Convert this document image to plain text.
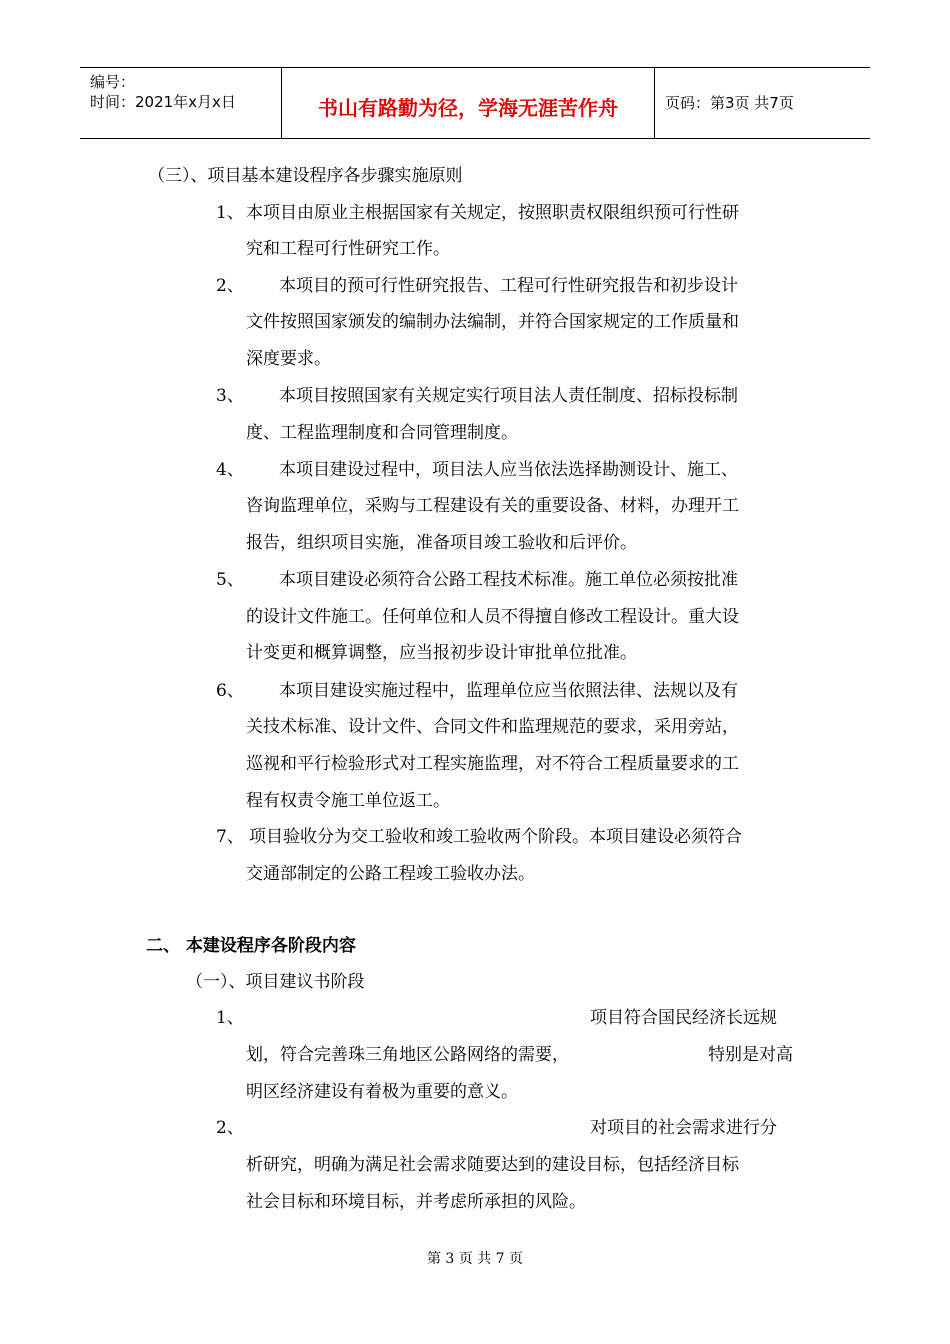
编号：
时间：2021年x月x日	书山有路勤为径，学海无涯苦作舟	页码：第3页 共7页
（三）、项目基本建设程序各步骤实施原则
1、 本项目由原业主根据国家有关规定，按照职责权限组织预可行性研
究和工程可行性研究工作。
2、 本项目的预可行性研究报告、工程可行性研究报告和初步设计
文件按照国家颁发的编制办法编制，并符合国家规定的工作质量和
深度要求。
3、 本项目按照国家有关规定实行项目法人责任制度、招标投标制
度、工程监理制度和合同管理制度。
4、 本项目建设过程中，项目法人应当依法选择勘测设计、施工、
咨询监理单位，采购与工程建设有关的重要设备、材料，办理开工
报告，组织项目实施，准备项目竣工验收和后评价。
5、 本项目建设必须符合公路工程技术标准。施工单位必须按批准
的设计文件施工。任何单位和人员不得擅自修改工程设计。重大设
计变更和概算调整，应当报初步设计审批单位批准。
6、 本项目建设实施过程中，监理单位应当依照法律、法规以及有
关技术标准、设计文件、合同文件和监理规范的要求，采用旁站，
巡视和平行检验形式对工程实施监理，对不符合工程质量要求的工
程有权责令施工单位返工。
7、 项目验收分为交工验收和竣工验收两个阶段。本项目建设必须符合
交通部制定的公路工程竣工验收办法。
二、 本建设程序各阶段内容
（一）、项目建议书阶段
1、	项目符合国民经济长远规
划，符合完善珠三角地区公路网络的需要，	特别是对高
明区经济建设有着极为重要的意义。
2、	对项目的社会需求进行分
析研究，明确为满足社会需求随要达到的建设目标，包括经济目标
社会目标和环境目标，并考虑所承担的风险。
第 3 页 共 7 页
